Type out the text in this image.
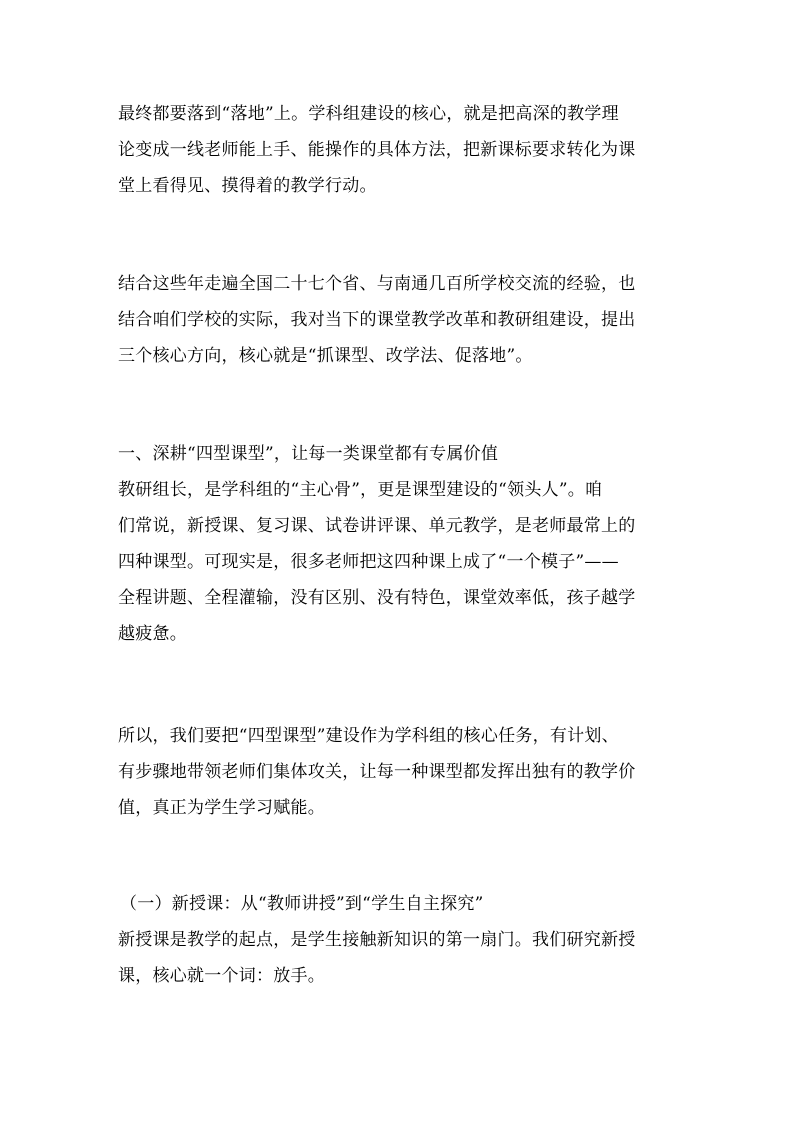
最终都要落到“落地”上。学科组建设的核心，就是把高深的教学理
论变成一线老师能上手、能操作的具体方法，把新课标要求转化为课
堂上看得见、摸得着的教学行动。

结合这些年走遍全国二十七个省、与南通几百所学校交流的经验，也
结合咱们学校的实际，我对当下的课堂教学改革和教研组建设，提出
三个核心方向，核心就是“抓课型、改学法、促落地”。

一、深耕“四型课型”，让每一类课堂都有专属价值

教研组长，是学科组的“主心骨”，更是课型建设的“领头人”。咱
们常说，新授课、复习课、试卷讲评课、单元教学，是老师最常上的
四种课型。可现实是，很多老师把这四种课上成了“一个模子”——
全程讲题、全程灌输，没有区别、没有特色，课堂效率低，孩子越学
越疲惫。

所以，我们要把“四型课型”建设作为学科组的核心任务，有计划、
有步骤地带领老师们集体攻关，让每一种课型都发挥出独有的教学价
值，真正为学生学习赋能。

（一）新授课：从“教师讲授”到“学生自主探究”

新授课是教学的起点，是学生接触新知识的第一扇门。我们研究新授
课，核心就一个词：放手。
